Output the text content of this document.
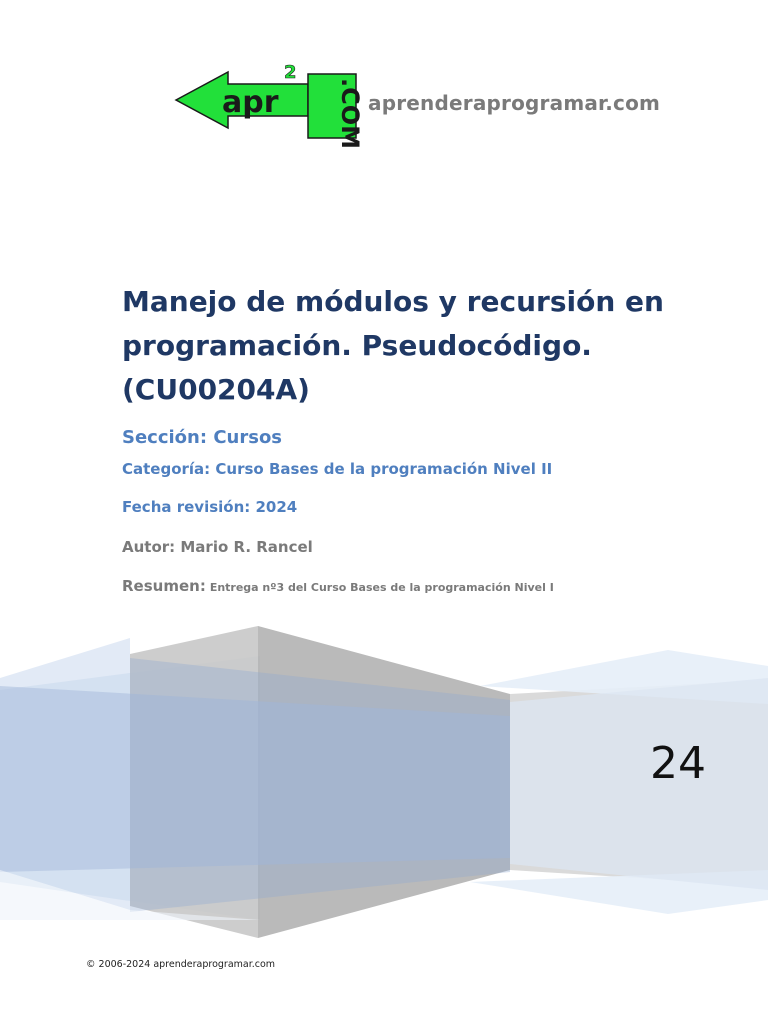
apr
2
.COM aprenderaprogramar.com

Manejo de módulos y recursión en programación. Pseudocódigo. (CU00204A)

Sección: Cursos

Categoría: Curso Bases de la programación Nivel II

Fecha revisión: 2024

Autor: Mario R. Rancel

Resumen: Entrega nº3 del Curso Bases de la programación Nivel I

24

© 2006-2024 aprenderaprogramar.com
